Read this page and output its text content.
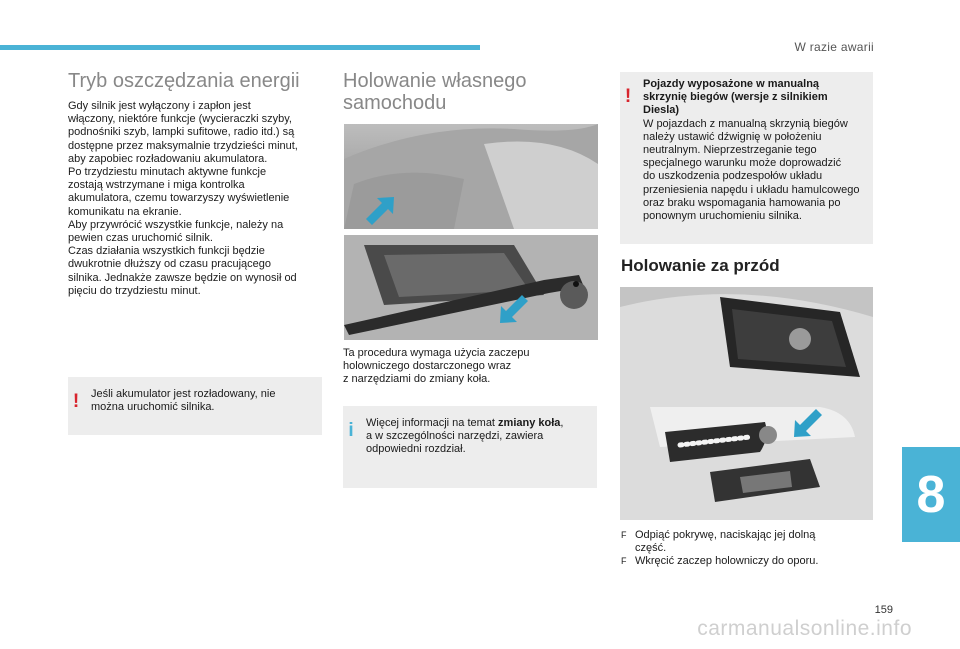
W razie awarii
8
159
carmanualsonline.info
Tryb oszczędzania energii
Gdy silnik jest wyłączony i zapłon jest
włączony, niektóre funkcje (wycieraczki szyby,
podnośniki szyb, lampki sufitowe, radio itd.) są
dostępne przez maksymalnie trzydzieści minut,
aby zapobiec rozładowaniu akumulatora.
Po trzydziestu minutach aktywne funkcje
zostają wstrzymane i miga kontrolka
akumulatora, czemu towarzyszy wyświetlenie
komunikatu na ekranie.
Aby przywrócić wszystkie funkcje, należy na
pewien czas uruchomić silnik.
Czas działania wszystkich funkcji będzie
dwukrotnie dłuższy od czasu pracującego
silnika. Jednakże zawsze będzie on wynosił od
pięciu do trzydziestu minut.
!	Jeśli akumulator jest rozładowany, nie
można uruchomić silnika.
Holowanie własnego
samochodu
Ta procedura wymaga użycia zaczepu
holowniczego dostarczonego wraz
z narzędziami do zmiany koła.
i	Więcej informacji na temat zmiany koła,
a w szczególności narzędzi, zawiera
odpowiedni rozdział.
!
Pojazdy wyposażone w manualną
skrzynię biegów (wersje z silnikiem
Diesla)
W pojazdach z manualną skrzynią biegów
należy ustawić dźwignię w położeniu
neutralnym. Nieprzestrzeganie tego
specjalnego warunku może doprowadzić
do uszkodzenia podzespołów układu
przeniesienia napędu i układu hamulcowego
oraz braku wspomagania hamowania po
ponownym uruchomieniu silnika.
Holowanie za przód
F Odpiąć pokrywę, naciskając jej dolną
część.
F Wkręcić zaczep holowniczy do oporu.
